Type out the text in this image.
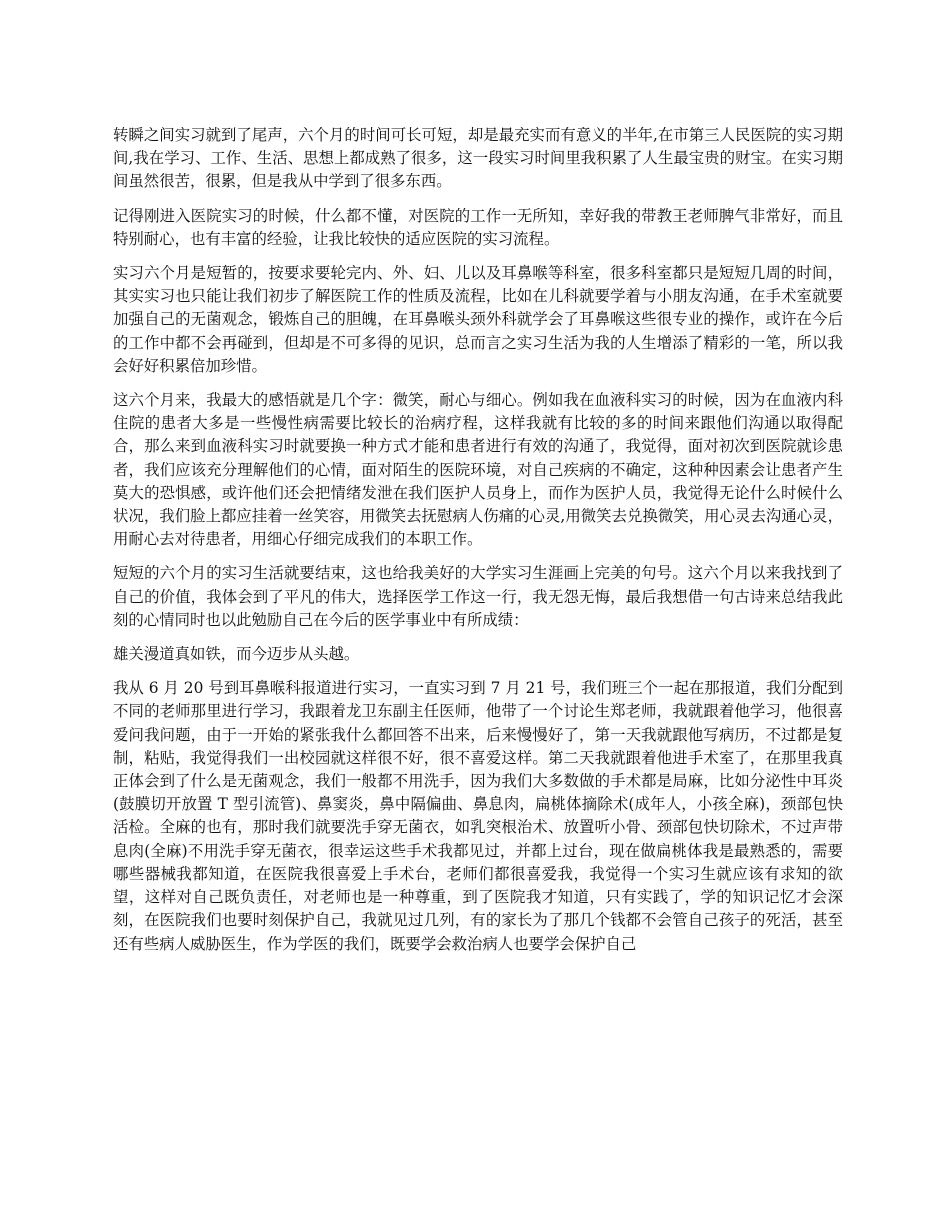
转瞬之间实习就到了尾声，六个月的时间可长可短，却是最充实而有意义的半年,在市第三人民医院的实习期间,我在学习、工作、生活、思想上都成熟了很多，这一段实习时间里我积累了人生最宝贵的财宝。在实习期间虽然很苦，很累，但是我从中学到了很多东西。

记得刚进入医院实习的时候，什么都不懂，对医院的工作一无所知，幸好我的带教王老师脾气非常好，而且特别耐心，也有丰富的经验，让我比较快的适应医院的实习流程。

实习六个月是短暂的，按要求要轮完内、外、妇、儿以及耳鼻喉等科室，很多科室都只是短短几周的时间，其实实习也只能让我们初步了解医院工作的性质及流程，比如在儿科就要学着与小朋友沟通，在手术室就要加强自己的无菌观念，锻炼自己的胆魄，在耳鼻喉头颈外科就学会了耳鼻喉这些很专业的操作，或许在今后的工作中都不会再碰到，但却是不可多得的见识，总而言之实习生活为我的人生增添了精彩的一笔，所以我会好好积累倍加珍惜。

这六个月来，我最大的感悟就是几个字：微笑，耐心与细心。例如我在血液科实习的时候，因为在血液内科住院的患者大多是一些慢性病需要比较长的治病疗程，这样我就有比较的多的时间来跟他们沟通以取得配合，那么来到血液科实习时就要换一种方式才能和患者进行有效的沟通了，我觉得，面对初次到医院就诊患者，我们应该充分理解他们的心情，面对陌生的医院环境，对自己疾病的不确定，这种种因素会让患者产生莫大的恐惧感，或许他们还会把情绪发泄在我们医护人员身上，而作为医护人员，我觉得无论什么时候什么状况，我们脸上都应挂着一丝笑容，用微笑去抚慰病人伤痛的心灵,用微笑去兑换微笑，用心灵去沟通心灵，用耐心去对待患者，用细心仔细完成我们的本职工作。

短短的六个月的实习生活就要结束，这也给我美好的大学实习生涯画上完美的句号。这六个月以来我找到了自己的价值，我体会到了平凡的伟大，选择医学工作这一行，我无怨无悔，最后我想借一句古诗来总结我此刻的心情同时也以此勉励自己在今后的医学事业中有所成绩：

雄关漫道真如铁，而今迈步从头越。

我从 6 月 20 号到耳鼻喉科报道进行实习，一直实习到 7 月 21 号，我们班三个一起在那报道，我们分配到不同的老师那里进行学习，我跟着龙卫东副主任医师，他带了一个讨论生郑老师，我就跟着他学习，他很喜爱问我问题，由于一开始的紧张我什么都回答不出来，后来慢慢好了，第一天我就跟他写病历，不过都是复制，粘贴，我觉得我们一出校园就这样很不好，很不喜爱这样。第二天我就跟着他进手术室了，在那里我真正体会到了什么是无菌观念，我们一般都不用洗手，因为我们大多数做的手术都是局麻，比如分泌性中耳炎(鼓膜切开放置 T 型引流管)、鼻窦炎，鼻中隔偏曲、鼻息肉，扁桃体摘除术(成年人，小孩全麻)，颈部包快活检。全麻的也有，那时我们就要洗手穿无菌衣，如乳突根治术、放置听小骨、颈部包快切除术，不过声带息肉(全麻)不用洗手穿无菌衣，很幸运这些手术我都见过，并都上过台，现在做扁桃体我是最熟悉的，需要哪些器械我都知道，在医院我很喜爱上手术台，老师们都很喜爱我，我觉得一个实习生就应该有求知的欲望，这样对自己既负责任，对老师也是一种尊重，到了医院我才知道，只有实践了，学的知识记忆才会深刻，在医院我们也要时刻保护自己，我就见过几列，有的家长为了那几个钱都不会管自己孩子的死活，甚至还有些病人威胁医生，作为学医的我们，既要学会救治病人也要学会保护自己
